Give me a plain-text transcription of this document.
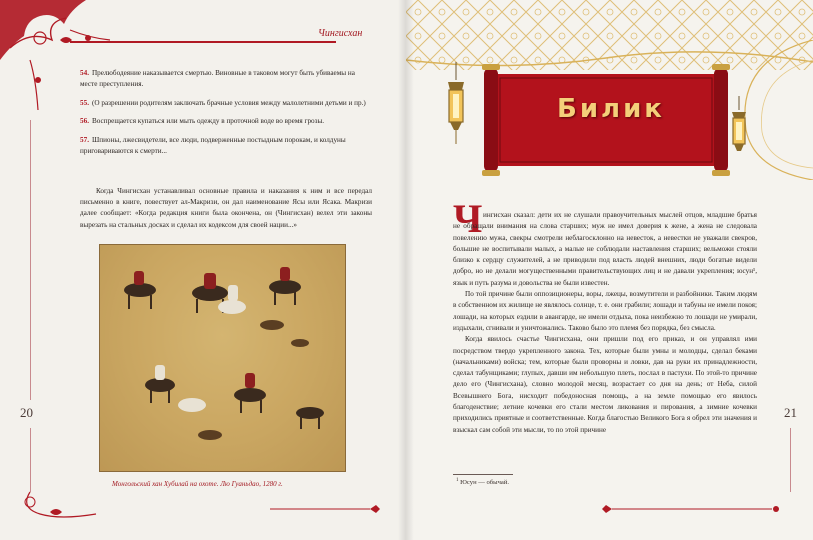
Чингисхан
20
54. Прелюбодеяние наказывается смертью. Виновные в таковом могут быть убиваемы на месте преступления.
55. (О разрешении родителям заключать брачные условия между малолетними детьми и пр.)
56. Воспрещается купаться или мыть одежду в проточной воде во время грозы.
57. Шпионы, лжесвидетели, все люди, подверженные постыдным порокам, и колдуны приговариваются к смерти...
Когда Чингисхан устанавливал основные правила и наказания к ним и все передал письменно в книге, повествует ал-Макризи, он дал наименование Ясы или Ясака. Макризи далее сообщает: «Когда редакция книги была окончена, он (Чингисхан) велел эти законы вырезать на стальных досках и сделал их кодексом для своей нации...»
Монгольский хан Хубилай на охоте. Лю Гуаньдао, 1280 г.
Билик
Ч ингисхан сказал: дети их не слушали правоучительных мыслей отцов, младшие братья не обращали внимания на слова старших; муж не имел доверия к жене, а жена не следовала повелению мужа, свекры смотрели неблагосклонно на невесток, а невестки не уважали свекров, большие не воспитывали малых, а малые не соблюдали наставления старших; вельможи стояли близко к сердцу служителей, а не приводили под власть людей внешних, люди богатые видели добро, но не делали могущественными правительствующих лиц и не давали укрепления; юсун¹, язык и путь разума и довольства не были известен.

По той причине были оппозиционеры, воры, лжецы, возмутители и разбойники. Таким людям в собственном их жилище не являлось солнце, т. е. они грабили; лошади и табуны не имели покоя; лошади, на которых ездили в авангарде, не имели отдыха, пока неизбежно то лошади не умирали, издыхали, сгнивали и уничтожались. Таково было это племя без порядка, без смысла.

Когда явилось счастье Чингисхана, они пришли под его приказ, и он управлял ими посредством твердо укрепленного закона. Тех, которые были умны и молодцы, сделал беками (начальниками) войска; тем, которые были проворны и ловки, дав на руки их принадлежности, сделал табунщиками; глупых, давши им небольшую плеть, послал в пастухи. По этой-то причине дело его (Чингисхана), словно молодой месяц, возрастает со дня на день; от Неба, силой Всевышнего Бога, нисходит победоносная помощь, а на земле помощью его явилось благоденствие; летние кочевки его стали местом ликования и пирования, а зимние кочевки приходились приятные и соответственные. Когда благостью Великого Бога я обрел эти значения и взыскал сам собой эти мысли, то по этой причине

$^1$ Юсун — обычай.
21
